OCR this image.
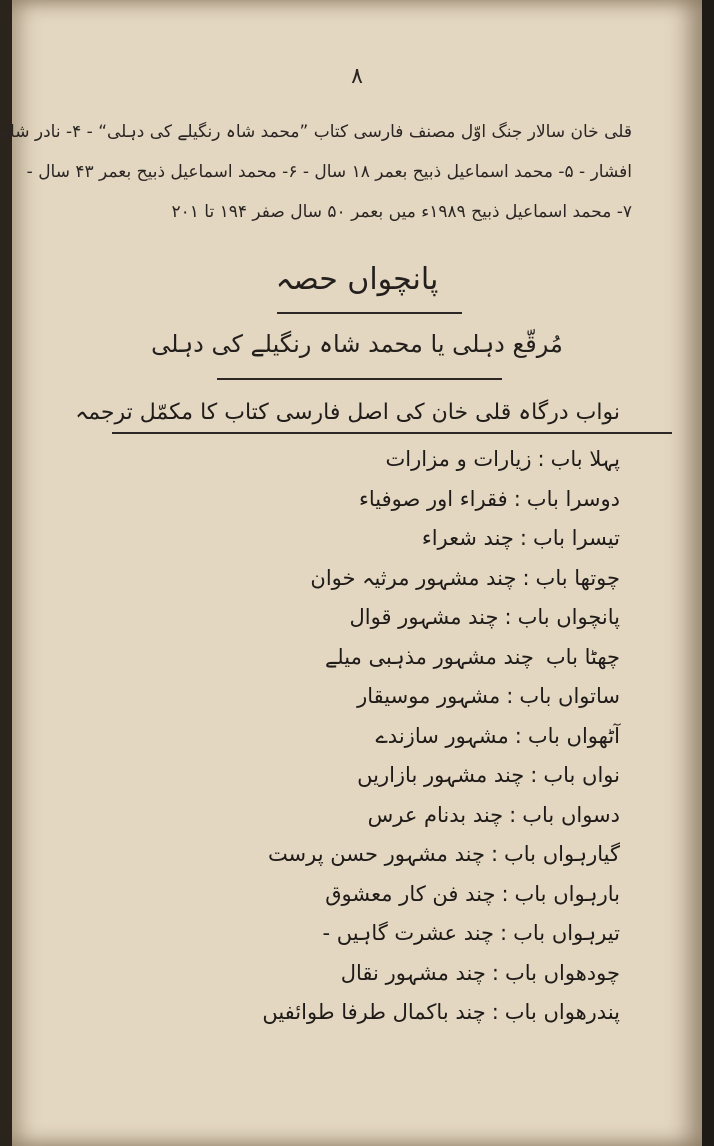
۸
قلی خان سالار جنگ اوّل مصنف فارسی کتاب ”محمد شاہ رنگیلے کی دہلی“ - ۴- نادر شاہ
افشار - ۵- محمد اسماعیل ذبیح بعمر ۱۸ سال - ۶- محمد اسماعیل ذبیح بعمر ۴۳ سال -
۷- محمد اسماعیل ذبیح ۱۹۸۹ء میں بعمر ۵۰ سال صفر ۱۹۴ تا ۲۰۱
پانچواں حصہ
مُرقّع دہلی یا محمد شاہ رنگیلے کی دہلی
نواب درگاہ قلی خان کی اصل فارسی کتاب کا مکمّل ترجمہ
پہلا باب:زیارات و مزارات
دوسرا باب:فقراء اور صوفیاء
تیسرا باب:چند شعراء
چوتھا باب:چند مشہور مرثیہ خوان
پانچواں باب:چند مشہور قوال
چھٹا بابچند مشہور مذہبی میلے
ساتواں باب:مشہور موسیقار
آٹھواں باب:مشہور سازندے
نواں باب:چند مشہور بازاریں
دسواں باب:چند بدنام عرس
گیارہواں باب:چند مشہور حسن پرست
بارہواں باب:چند فن کار معشوق
تیرہواں باب:چند عشرت گاہیں -
چودھواں باب:چند مشہور نقال
پندرھواں باب:چند باکمال طرفا طوائفیں
